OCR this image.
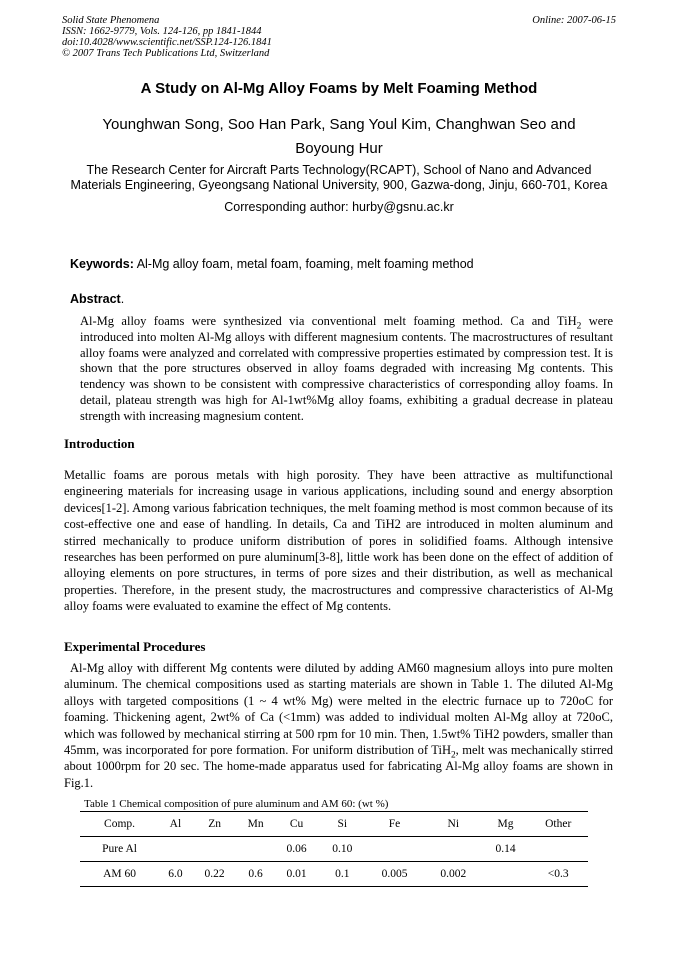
Solid State Phenomena
ISSN: 1662-9779, Vols. 124-126, pp 1841-1844
doi:10.4028/www.scientific.net/SSP.124-126.1841
© 2007 Trans Tech Publications Ltd, Switzerland
Online: 2007-06-15
A Study on Al-Mg Alloy Foams by Melt Foaming Method
Younghwan Song, Soo Han Park, Sang Youl Kim, Changhwan Seo and
Boyoung Hur
The Research Center for Aircraft Parts Technology(RCAPT), School of Nano and Advanced Materials Engineering, Gyeongsang National University, 900, Gazwa-dong, Jinju, 660-701, Korea
Corresponding author: hurby@gsnu.ac.kr
Keywords: Al-Mg alloy foam, metal foam, foaming, melt foaming method
Abstract.
Al-Mg alloy foams were synthesized via conventional melt foaming method. Ca and TiH$_2$ were introduced into molten Al-Mg alloys with different magnesium contents. The macrostructures of resultant alloy foams were analyzed and correlated with compressive properties estimated by compression test. It is shown that the pore structures observed in alloy foams degraded with increasing Mg contents. This tendency was shown to be consistent with compressive characteristics of corresponding alloy foams. In detail, plateau strength was high for Al-1wt%Mg alloy foams, exhibiting a gradual decrease in plateau strength with increasing magnesium content.
Introduction
Metallic foams are porous metals with high porosity. They have been attractive as multifunctional engineering materials for increasing usage in various applications, including sound and energy absorption devices[1-2]. Among various fabrication techniques, the melt foaming method is most common because of its cost-effective one and ease of handling. In details, Ca and TiH2 are introduced in molten aluminum and stirred mechanically to produce uniform distribution of pores in solidified foams. Although intensive researches has been performed on pure aluminum[3-8], little work has been done on the effect of addition of alloying elements on pore structures, in terms of pore sizes and their distribution, as well as mechanical properties. Therefore, in the present study, the macrostructures and compressive characteristics of Al-Mg alloy foams were evaluated to examine the effect of Mg contents.
Experimental Procedures
Al-Mg alloy with different Mg contents were diluted by adding AM60 magnesium alloys into pure molten aluminum. The chemical compositions used as starting materials are shown in Table 1. The diluted Al-Mg alloys with targeted compositions (1 ~ 4 wt% Mg) were melted in the electric furnace up to 720oC for foaming. Thickening agent, 2wt% of Ca (<1mm) was added to individual molten Al-Mg alloy at 720oC, which was followed by mechanical stirring at 500 rpm for 10 min. Then, 1.5wt% TiH2 powders, smaller than 45mm, was incorporated for pore formation. For uniform distribution of TiH$_2$, melt was mechanically stirred about 1000rpm for 20 sec. The home-made apparatus used for fabricating Al-Mg alloy foams are shown in Fig.1.
Table 1 Chemical composition of pure aluminum and AM 60: (wt %)
Comp.	Al	Zn	Mn	Cu	Si	Fe	Ni	Mg	Other
Pure Al				0.06	0.10			0.14	
AM 60	6.0	0.22	0.6	0.01	0.1	0.005	0.002		<0.3
